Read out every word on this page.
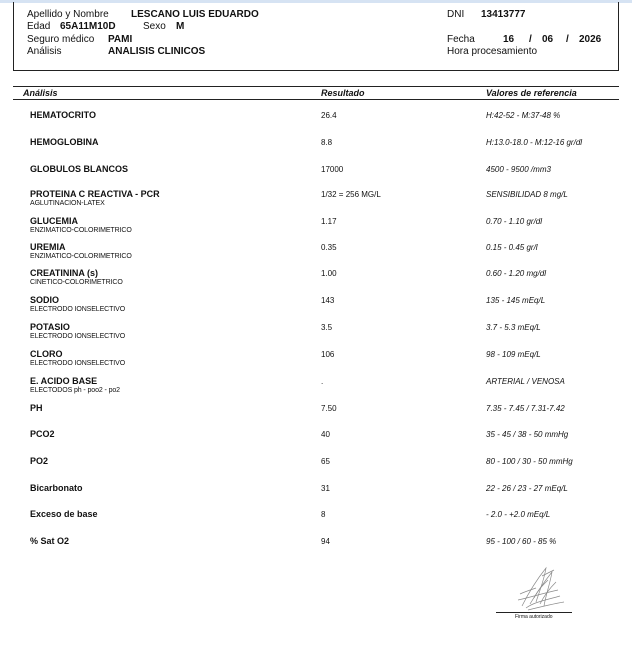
Apellido y Nombre LESCANO LUIS EDUARDO	DNI 13413777
Edad 65A11M10D	Sexo M
Seguro médico PAMI	Fecha	16 / 06 / 2026
Análisis	ANALISIS CLINICOS	Hora procesamiento
Análisis	Resultado	Valores de referencia
HEMATOCRITO	26.4	H:42-52 - M:37-48 %
HEMOGLOBINA	8.8	H:13.0-18.0 - M:12-16 gr/dl
GLOBULOS BLANCOS	17000	4500 - 9500 /mm3
PROTEINA C REACTIVA - PCR
AGLUTINACION-LATEX
1/32 = 256 MG/L	SENSIBILIDAD 8 mg/L
GLUCEMIA
ENZIMATICO-COLORIMETRICO
1.17	0.70 - 1.10 gr/dl
UREMIA
ENZIMATICO-COLORIMETRICO
0.35	0.15 - 0.45 gr/l
CREATININA (s)
CINETICO-COLORIMETRICO
1.00	0.60 - 1.20 mg/dl
SODIO
ELECTRODO IONSELECTIVO
143	135 - 145 mEq/L
POTASIO
ELECTRODO IONSELECTIVO
3.5	3.7 - 5.3 mEq/L
CLORO
ELECTRODO IONSELECTIVO
106	98 - 109 mEq/L
E. ACIDO BASE
ELECTODOS ph - poo2 - po2
.	ARTERIAL / VENOSA
PH	7.50	7.35 - 7.45 / 7.31-7.42
PCO2	40	35 - 45 / 38 - 50 mmHg
PO2	65	80 - 100 / 30 - 50 mmHg
Bicarbonato	31	22 - 26 / 23 - 27 mEq/L
Exceso de base	8	- 2.0 - +2.0 mEq/L
% Sat O2	94	95 - 100 / 60 - 85 %
Firma autorizado
